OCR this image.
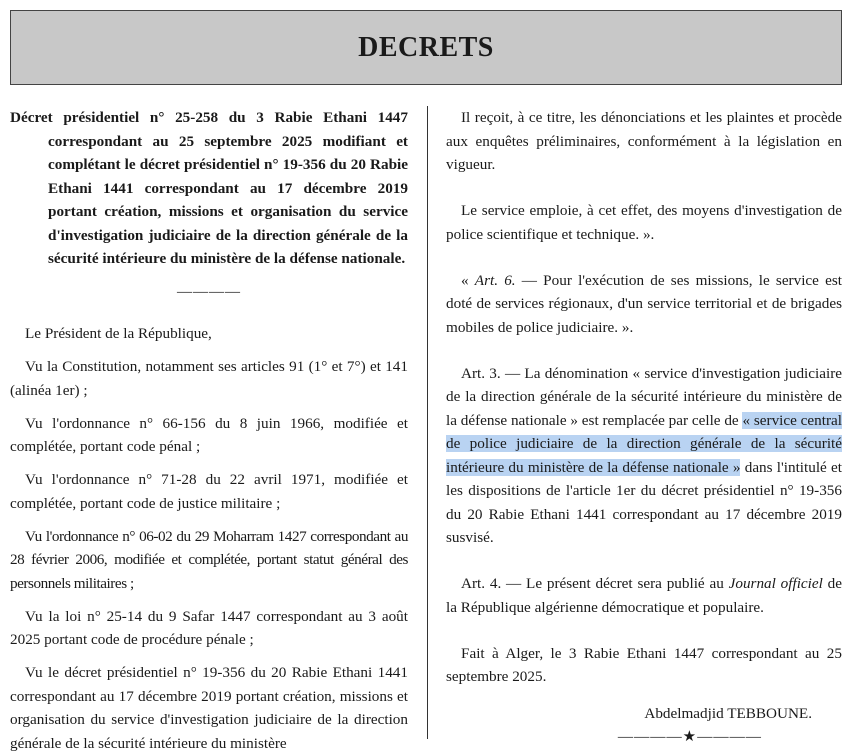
DECRETS

Décret présidentiel n° 25-258 du 3 Rabie Ethani 1447 correspondant au 25 septembre 2025 modifiant et complétant le décret présidentiel n° 19-356 du 20 Rabie Ethani 1441 correspondant au 17 décembre 2019 portant création, missions et organisation du service d'investigation judiciaire de la direction générale de la sécurité intérieure du ministère de la défense nationale.

————

Le Président de la République,

Vu la Constitution, notamment ses articles 91 (1° et 7°) et 141 (alinéa 1er) ;

Vu l'ordonnance n° 66-156 du 8 juin 1966, modifiée et complétée, portant code pénal ;

Vu l'ordonnance n° 71-28 du 22 avril 1971, modifiée et complétée, portant code de justice militaire ;

Vu l'ordonnance n° 06-02 du 29 Moharram 1427 correspondant au 28 février 2006, modifiée et complétée, portant statut général des personnels militaires ;

Vu la loi n° 25-14 du 9 Safar 1447 correspondant au 3 août 2025 portant code de procédure pénale ;

Vu le décret présidentiel n° 19-356 du 20 Rabie Ethani 1441 correspondant au 17 décembre 2019 portant création, missions et organisation du service d'investigation judiciaire de la direction générale de la sécurité intérieure du ministère

Il reçoit, à ce titre, les dénonciations et les plaintes et procède aux enquêtes préliminaires, conformément à la législation en vigueur.

Le service emploie, à cet effet, des moyens d'investigation de police scientifique et technique. ».

« Art. 6. — Pour l'exécution de ses missions, le service est doté de services régionaux, d'un service territorial et de brigades mobiles de police judiciaire. ».

Art. 3. — La dénomination « service d'investigation judiciaire de la direction générale de la sécurité intérieure du ministère de la défense nationale » est remplacée par celle de « service central de police judiciaire de la direction générale de la sécurité intérieure du ministère de la défense nationale » dans l'intitulé et les dispositions de l'article 1er du décret présidentiel n° 19-356 du 20 Rabie Ethani 1441 correspondant au 17 décembre 2019 susvisé.

Art. 4. — Le présent décret sera publié au Journal officiel de la République algérienne démocratique et populaire.

Fait à Alger, le 3 Rabie Ethani 1447 correspondant au 25 septembre 2025.

Abdelmadjid TEBBOUNE.

————★————
